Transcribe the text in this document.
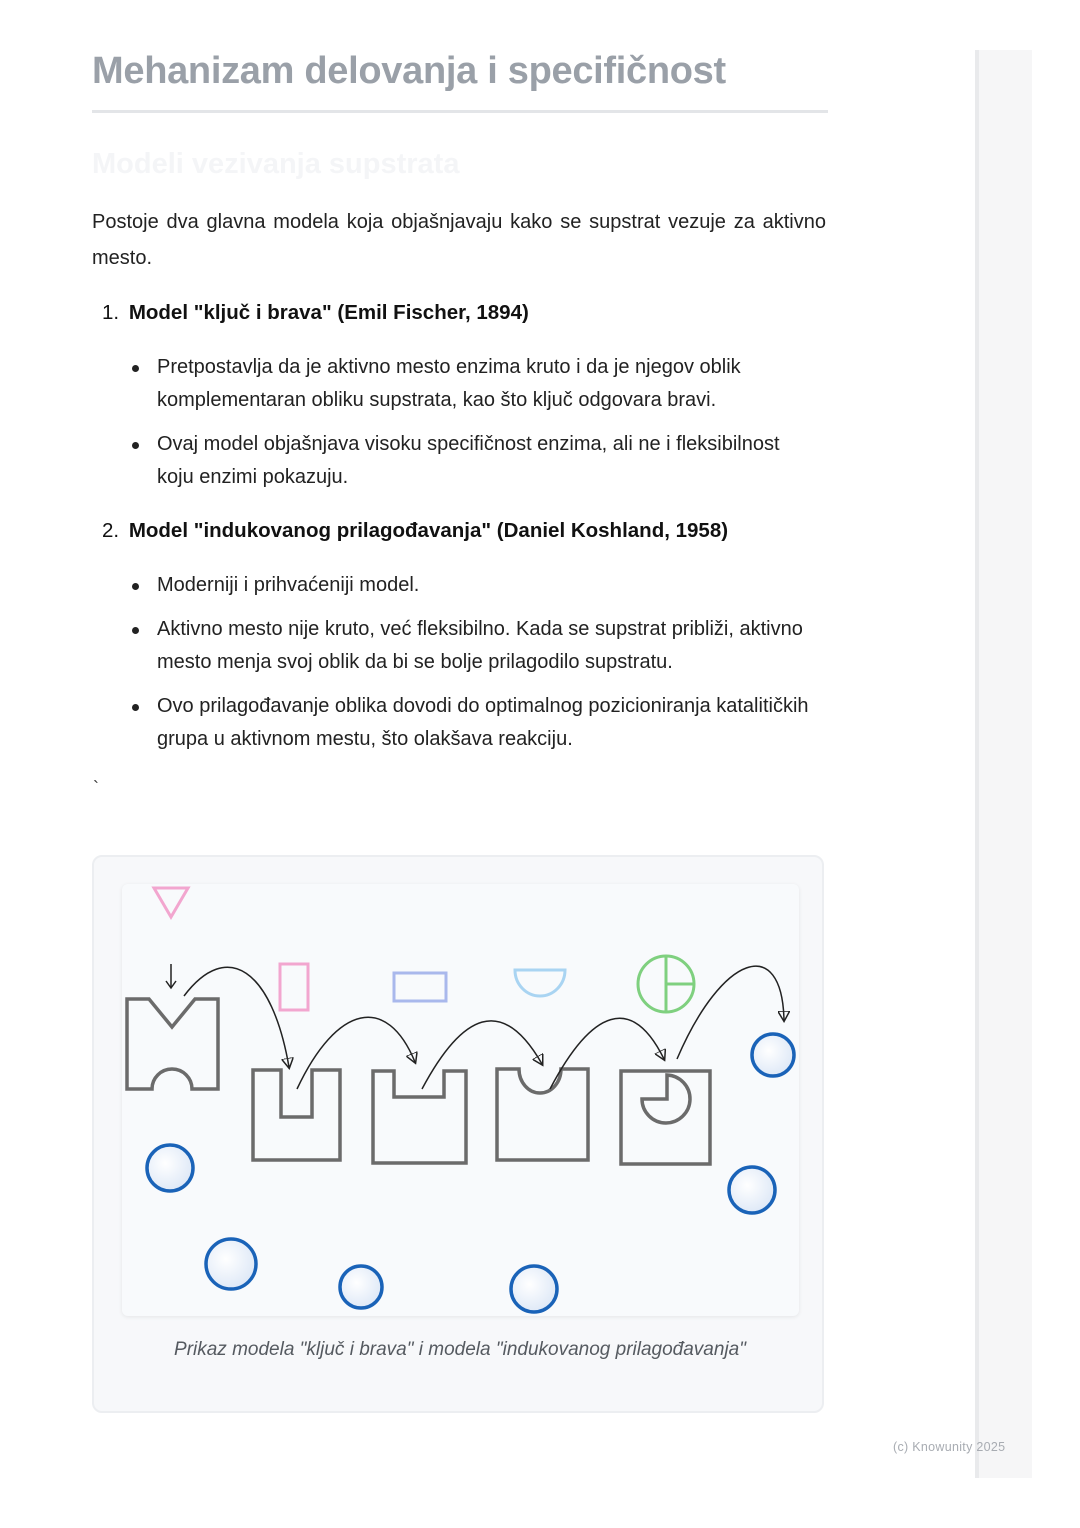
Mehanizam delovanja i specifičnost
Modeli vezivanja supstrata

Postoje dva glavna modela koja objašnjavaju kako se supstrat vezuje za aktivno mesto.

1. Model "ključ i brava" (Emil Fischer, 1894)
Pretpostavlja da je aktivno mesto enzima kruto i da je njegov oblik komplementaran obliku supstrata, kao što ključ odgovara bravi.
Ovaj model objašnjava visoku specifičnost enzima, ali ne i fleksibilnost koju enzimi pokazuju.
2. Model "indukovanog prilagođavanja" (Daniel Koshland, 1958)
Moderniji i prihvaćeniji model.
Aktivno mesto nije kruto, već fleksibilno. Kada se supstrat približi, aktivno mesto menja svoj oblik da bi se bolje prilagodilo supstratu.
Ovo prilagođavanje oblika dovodi do optimalnog pozicioniranja katalitičkih grupa u aktivnom mestu, što olakšava reakciju.
`

Prikaz modela "ključ i brava" i modela "indukovanog prilagođavanja"

(c) Knowunity 2025
